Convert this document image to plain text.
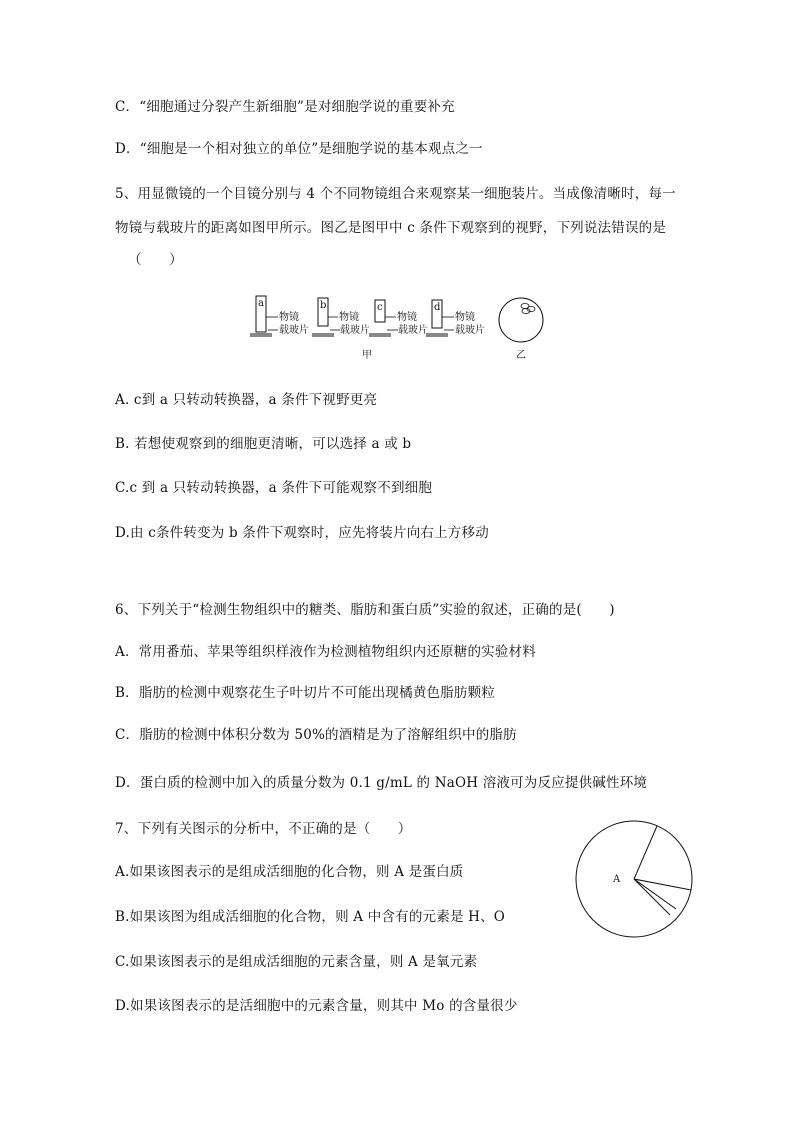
C．“细胞通过分裂产生新细胞”是对细胞学说的重要补充
D．“细胞是一个相对独立的单位”是细胞学说的基本观点之一
5、用显微镜的一个目镜分别与 4 个不同物镜组合来观察某一细胞装片。当成像清晰时，每一
物镜与载玻片的距离如图甲所示。图乙是图甲中 c 条件下观察到的视野，下列说法错误的是
（　　）
a
物镜
载玻片
b
物镜
载玻片
c
物镜
载玻片
d
物镜
载玻片
甲	乙
A. c到 a 只转动转换器，a 条件下视野更亮
B. 若想使观察到的细胞更清晰，可以选择 a 或 b
C.c 到 a 只转动转换器，a 条件下可能观察不到细胞
D.由 c条件转变为 b 条件下观察时，应先将装片向右上方移动
6、下列关于“检测生物组织中的糖类、脂肪和蛋白质”实验的叙述，正确的是(　　)
A．常用番茄、苹果等组织样液作为检测植物组织内还原糖的实验材料
B．脂肪的检测中观察花生子叶切片不可能出现橘黄色脂肪颗粒
C．脂肪的检测中体积分数为 50%的酒精是为了溶解组织中的脂肪
D．蛋白质的检测中加入的质量分数为 0.1 g/mL 的 NaOH 溶液可为反应提供碱性环境
7、下列有关图示的分析中，不正确的是（　　）
A
A.如果该图表示的是组成活细胞的化合物，则 A 是蛋白质
B.如果该图为组成活细胞的化合物，则 A 中含有的元素是 H、O
C.如果该图表示的是组成活细胞的元素含量，则 A 是氧元素
D.如果该图表示的是活细胞中的元素含量，则其中 Mo 的含量很少
